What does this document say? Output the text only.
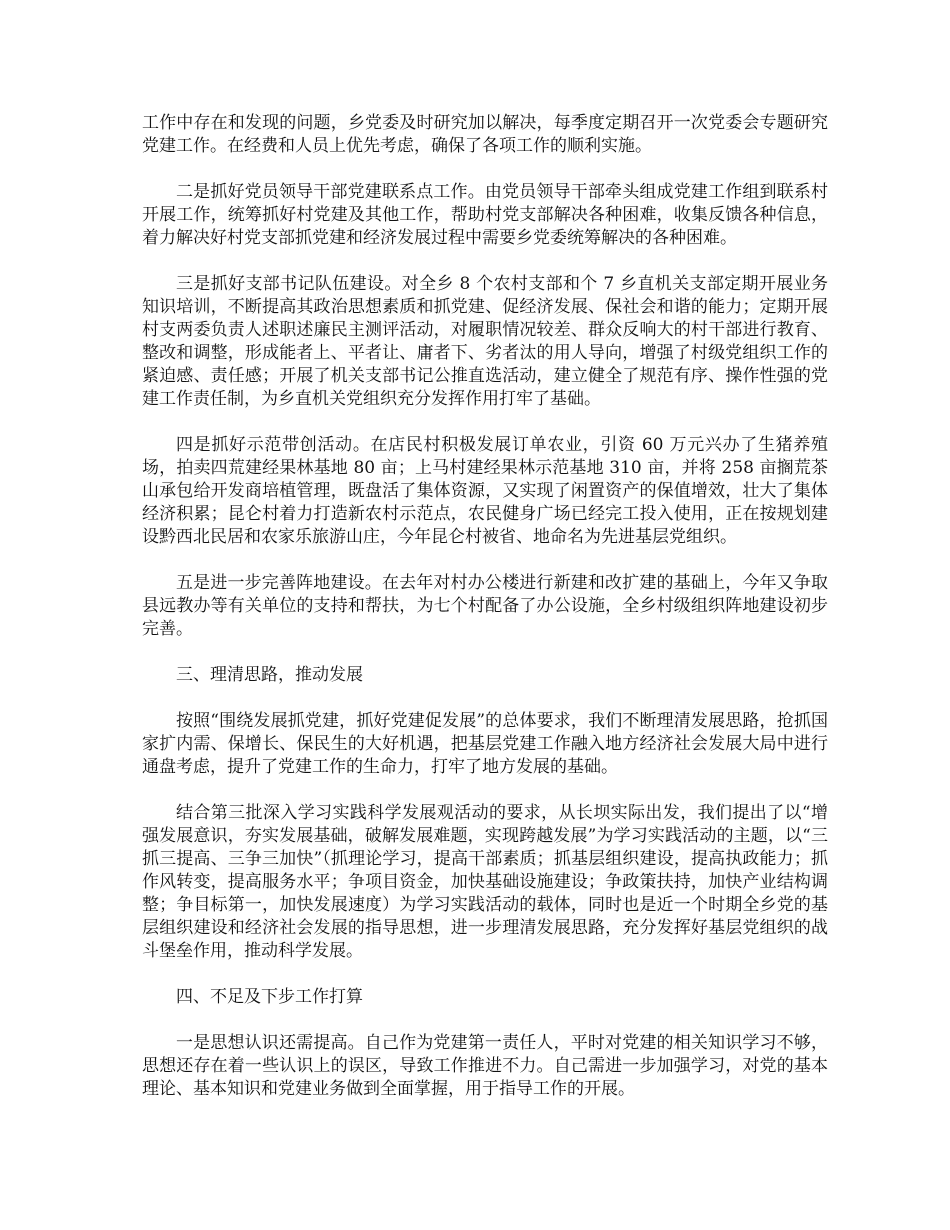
工作中存在和发现的问题，乡党委及时研究加以解决，每季度定期召开一次党委会专题研究党建工作。在经费和人员上优先考虑，确保了各项工作的顺利实施。

二是抓好党员领导干部党建联系点工作。由党员领导干部牵头组成党建工作组到联系村开展工作，统筹抓好村党建及其他工作，帮助村党支部解决各种困难，收集反馈各种信息，着力解决好村党支部抓党建和经济发展过程中需要乡党委统筹解决的各种困难。

三是抓好支部书记队伍建设。对全乡 8 个农村支部和个 7 乡直机关支部定期开展业务知识培训，不断提高其政治思想素质和抓党建、促经济发展、保社会和谐的能力；定期开展村支两委负责人述职述廉民主测评活动，对履职情况较差、群众反响大的村干部进行教育、整改和调整，形成能者上、平者让、庸者下、劣者汰的用人导向，增强了村级党组织工作的紧迫感、责任感；开展了机关支部书记公推直选活动，建立健全了规范有序、操作性强的党建工作责任制，为乡直机关党组织充分发挥作用打牢了基础。

四是抓好示范带创活动。在店民村积极发展订单农业，引资 60 万元兴办了生猪养殖场，拍卖四荒建经果林基地 80 亩；上马村建经果林示范基地 310 亩，并将 258 亩搁荒茶山承包给开发商培植管理，既盘活了集体资源，又实现了闲置资产的保值增效，壮大了集体经济积累；昆仑村着力打造新农村示范点，农民健身广场已经完工投入使用，正在按规划建设黔西北民居和农家乐旅游山庄，今年昆仑村被省、地命名为先进基层党组织。

五是进一步完善阵地建设。在去年对村办公楼进行新建和改扩建的基础上，今年又争取县远教办等有关单位的支持和帮扶，为七个村配备了办公设施，全乡村级组织阵地建设初步完善。

三、理清思路，推动发展

按照“围绕发展抓党建，抓好党建促发展”的总体要求，我们不断理清发展思路，抢抓国家扩内需、保增长、保民生的大好机遇，把基层党建工作融入地方经济社会发展大局中进行通盘考虑，提升了党建工作的生命力，打牢了地方发展的基础。

结合第三批深入学习实践科学发展观活动的要求，从长坝实际出发，我们提出了以“增强发展意识，夯实发展基础，破解发展难题，实现跨越发展”为学习实践活动的主题，以“三抓三提高、三争三加快”（抓理论学习，提高干部素质；抓基层组织建设，提高执政能力；抓作风转变，提高服务水平；争项目资金，加快基础设施建设；争政策扶持，加快产业结构调整；争目标第一，加快发展速度）为学习实践活动的载体，同时也是近一个时期全乡党的基层组织建设和经济社会发展的指导思想，进一步理清发展思路，充分发挥好基层党组织的战斗堡垒作用，推动科学发展。

四、不足及下步工作打算

一是思想认识还需提高。自己作为党建第一责任人，平时对党建的相关知识学习不够，思想还存在着一些认识上的误区，导致工作推进不力。自己需进一步加强学习，对党的基本理论、基本知识和党建业务做到全面掌握，用于指导工作的开展。
